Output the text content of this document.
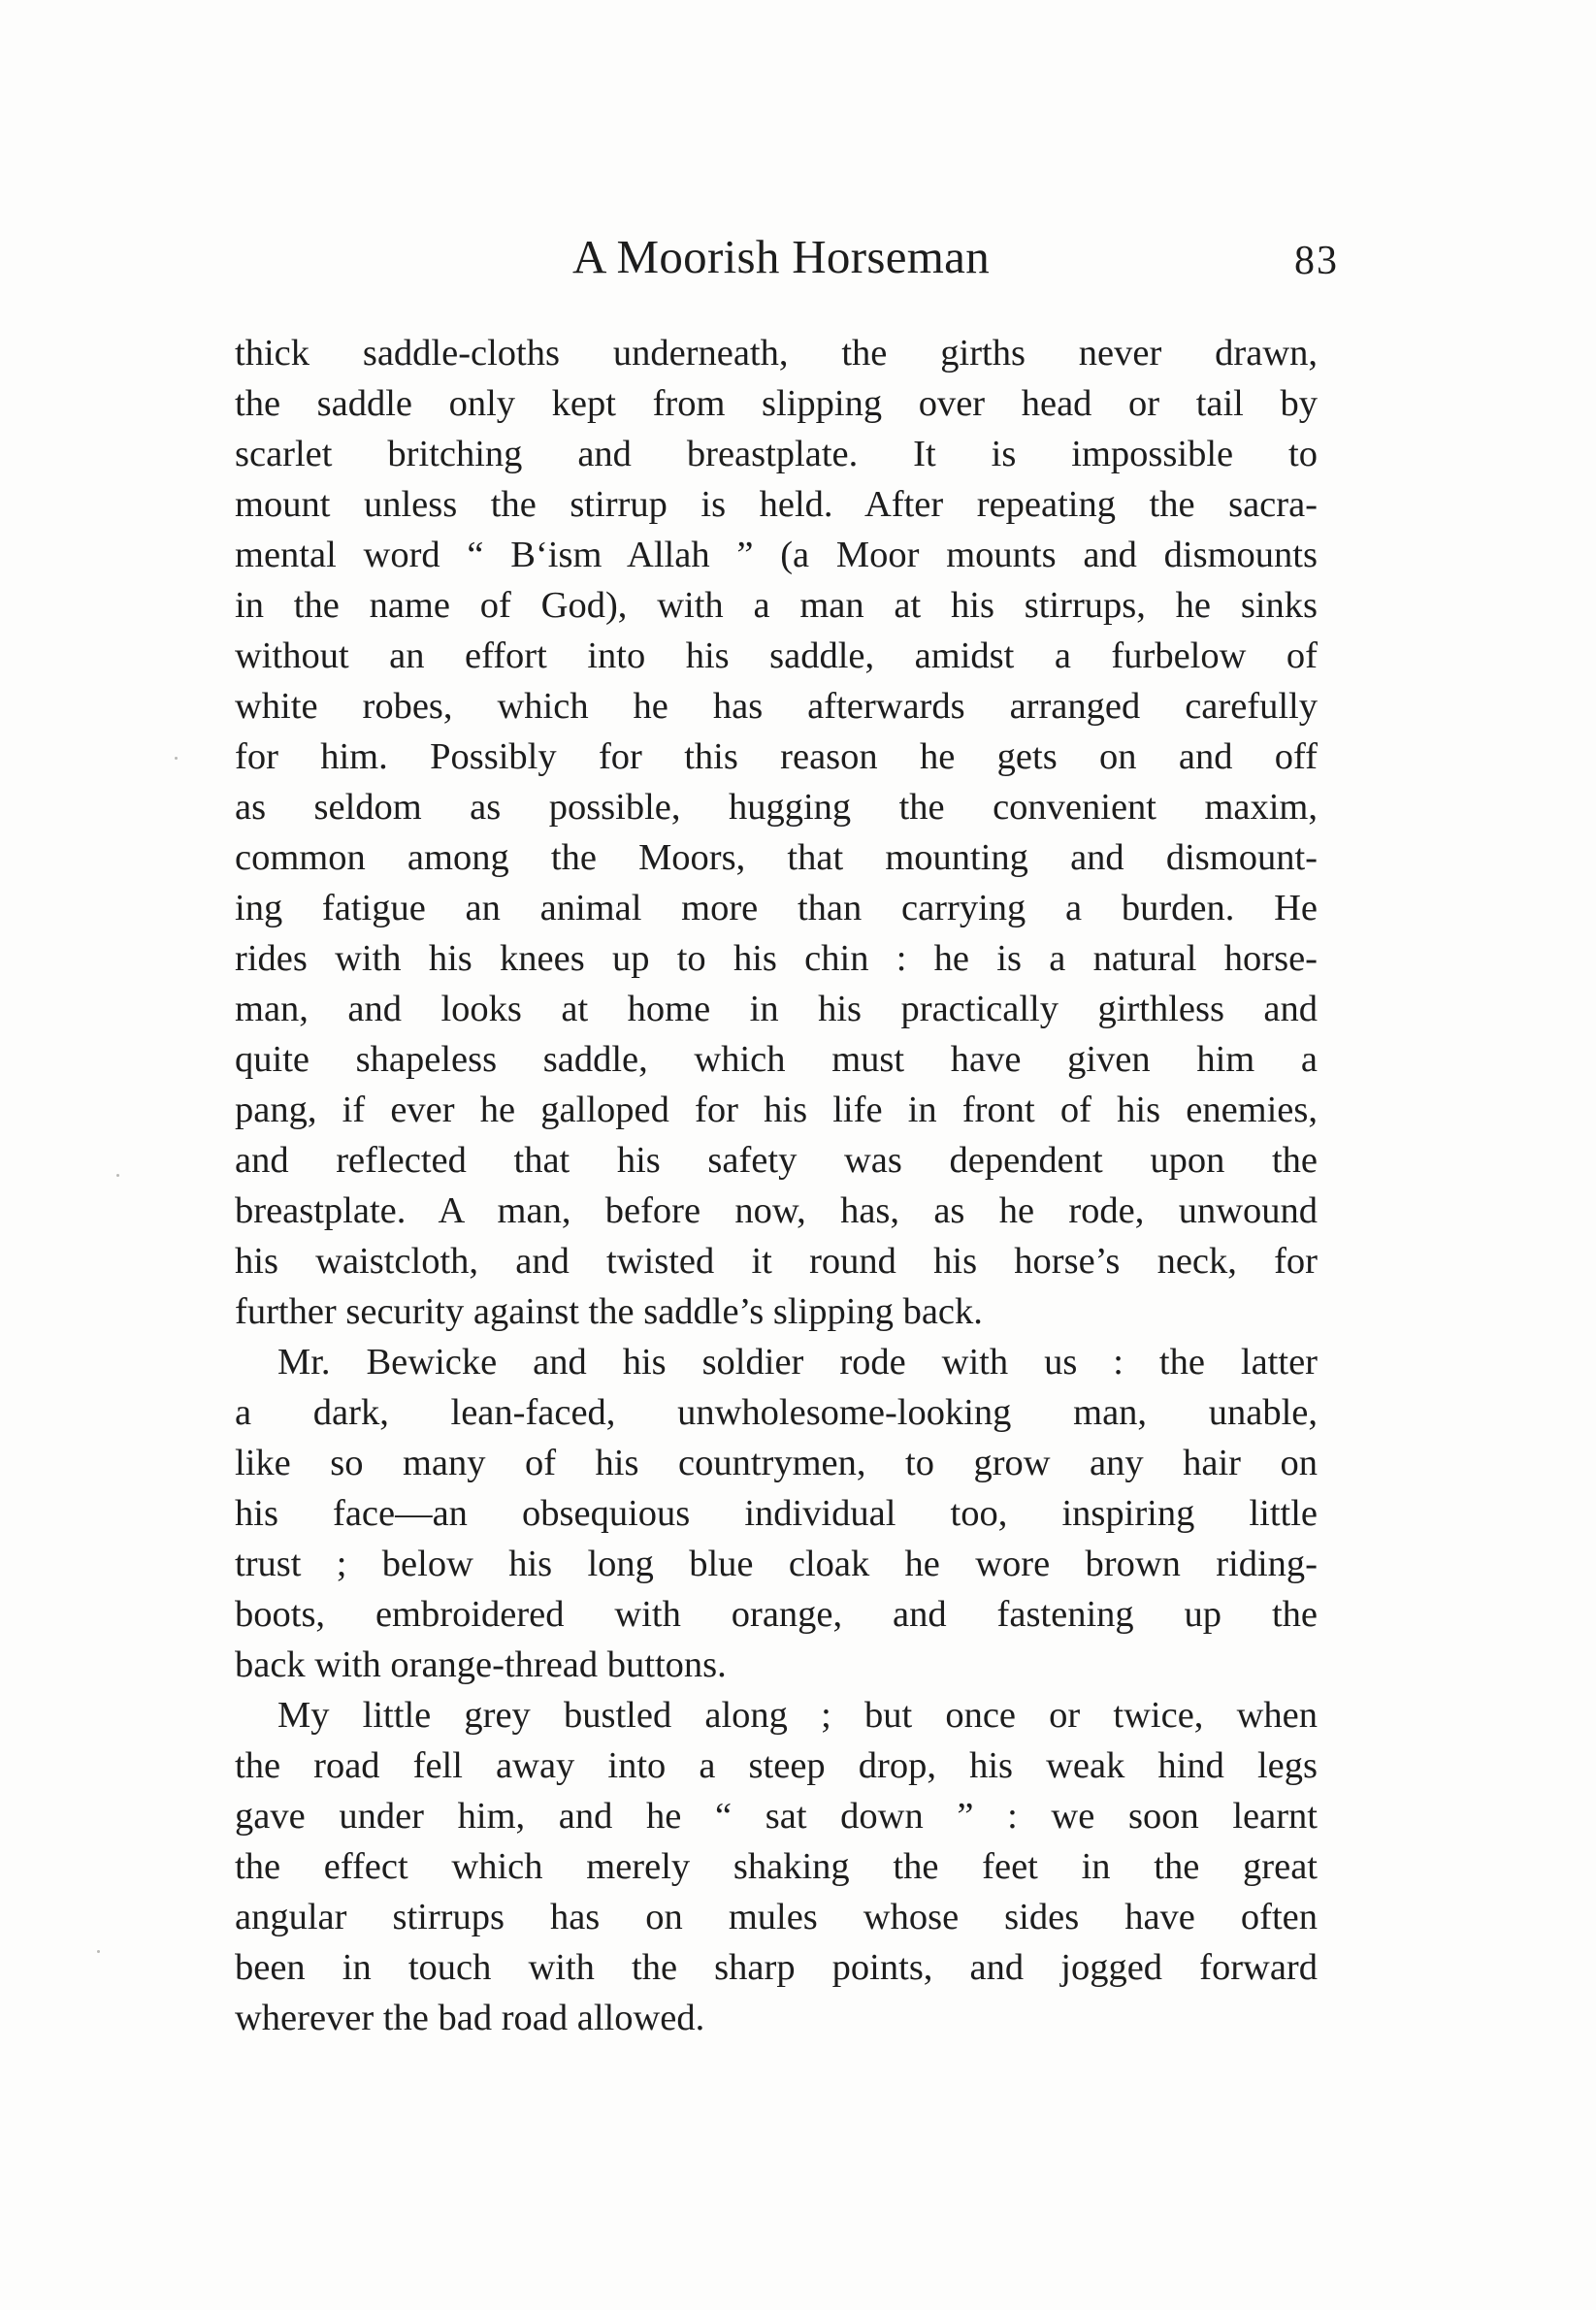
A Moorish Horseman	83
thick saddle-cloths underneath, the girths never drawn,
the saddle only kept from slipping over head or tail by
scarlet britching and breastplate. It is impossible to
mount unless the stirrup is held. After repeating the sacra-
mental word “ B‘ism Allah ” (a Moor mounts and dismounts
in the name of God), with a man at his stirrups, he sinks
without an effort into his saddle, amidst a furbelow of
white robes, which he has afterwards arranged carefully
for him. Possibly for this reason he gets on and off
as seldom as possible, hugging the convenient maxim,
common among the Moors, that mounting and dismount-
ing fatigue an animal more than carrying a burden. He
rides with his knees up to his chin : he is a natural horse-
man, and looks at home in his practically girthless and
quite shapeless saddle, which must have given him a
pang, if ever he galloped for his life in front of his enemies,
and reflected that his safety was dependent upon the
breastplate. A man, before now, has, as he rode, unwound
his waistcloth, and twisted it round his horse’s neck, for
further security against the saddle’s slipping back.
Mr. Bewicke and his soldier rode with us : the latter
a dark, lean-faced, unwholesome-looking man, unable,
like so many of his countrymen, to grow any hair on
his face—an obsequious individual too, inspiring little
trust ; below his long blue cloak he wore brown riding-
boots, embroidered with orange, and fastening up the
back with orange-thread buttons.
My little grey bustled along ; but once or twice, when
the road fell away into a steep drop, his weak hind legs
gave under him, and he “ sat down ” : we soon learnt
the effect which merely shaking the feet in the great
angular stirrups has on mules whose sides have often
been in touch with the sharp points, and jogged forward
wherever the bad road allowed.
